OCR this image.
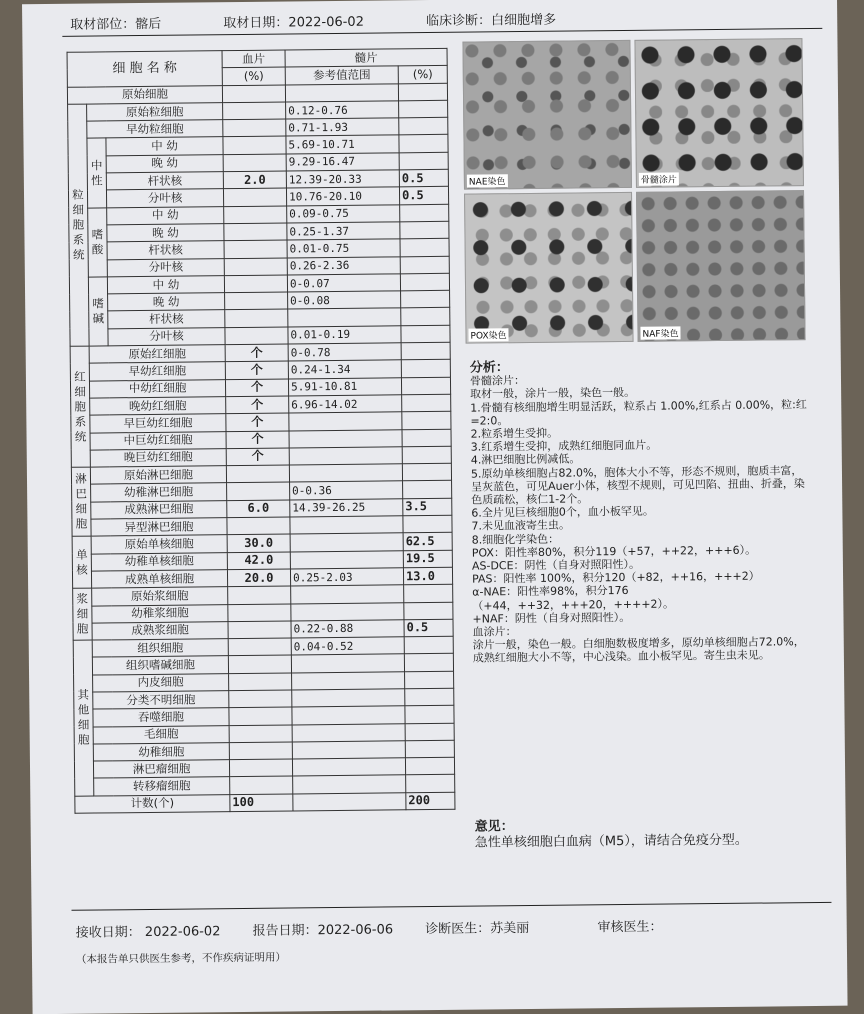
取材部位：髂后	取材日期：2022-06-02	临床诊断：白细胞增多
细 胞 名 称			血片	髓片	
			(%)	参考值范围	(%)
原始细胞					
粒
细
胞
系
统	原始粒细胞			0.12-0.76	
	早幼粒细胞			0.71-1.93	
	中
性	中 幼		5.69-10.71	
		晚 幼		9.29-16.47	
		杆状核	2.0	12.39-20.33	0.5
		分叶核		10.76-20.10	0.5
	嗜
酸	中 幼		0.09-0.75	
		晚 幼		0.25-1.37	
		杆状核		0.01-0.75	
		分叶核		0.26-2.36	
	嗜
碱	中 幼		0-0.07	
		晚 幼		0-0.08	
		杆状核			
		分叶核		0.01-0.19	
红
细
胞
系
统	原始红细胞		个	0-0.78	
	早幼红细胞		个	0.24-1.34	
	中幼红细胞		个	5.91-10.81	
	晚幼红细胞		个	6.96-14.02	
	早巨幼红细胞		个		
	中巨幼红细胞		个		
	晚巨幼红细胞		个		
淋
巴
细
胞	原始淋巴细胞				
	幼稚淋巴细胞			0-0.36	
	成熟淋巴细胞		6.0	14.39-26.25	3.5
	异型淋巴细胞				
单
核	原始单核细胞		30.0		62.5
	幼稚单核细胞		42.0		19.5
	成熟单核细胞		20.0	0.25-2.03	13.0
浆
细
胞	原始浆细胞				
	幼稚浆细胞				
	成熟浆细胞			0.22-0.88	0.5
其
他
细
胞	组织细胞			0.04-0.52	
	组织嗜碱细胞				
	内皮细胞				
	分类不明细胞				
	吞噬细胞				
	毛细胞				
	幼稚细胞				
	淋巴瘤细胞				
	转移瘤细胞				
计数(个)			100		200
NAE染色	骨髓涂片
POX染色	NAF染色
分析：
骨髓涂片：
取材一般，涂片一般，染色一般。
1.骨髓有核细胞增生明显活跃，粒系占 1.00%,红系占 0.00%，粒:红=2:0。
2.粒系增生受抑。
3.红系增生受抑，成熟红细胞同血片。
4.淋巴细胞比例减低。
5.原幼单核细胞占82.0%，胞体大小不等，形态不规则，胞质丰富，呈灰蓝色，可见Auer小体，核型不规则，可见凹陷、扭曲、折叠，染色质疏松，核仁1-2个。
6.全片见巨核细胞0个，血小板罕见。
7.未见血液寄生虫。
8.细胞化学染色：
POX：阳性率80%，积分119（+57，++22，+++6）。
AS-DCE：阴性（自身对照阳性）。
PAS：阳性率 100%，积分120（+82，++16，+++2）
α-NAE：阳性率98%，积分176（+44，++32，+++20，++++2）。
+NAF：阴性（自身对照阳性）。
血涂片：
涂片一般，染色一般。白细胞数极度增多，原幼单核细胞占72.0%，成熟红细胞大小不等，中心浅染。血小板罕见。寄生虫未见。
意见：
急性单核细胞白血病（M5），请结合免疫分型。
接收日期： 2022-06-02 报告日期：2022-06-06 诊断医生：苏美丽	审核医生：
（本报告单只供医生参考，不作疾病证明用）
